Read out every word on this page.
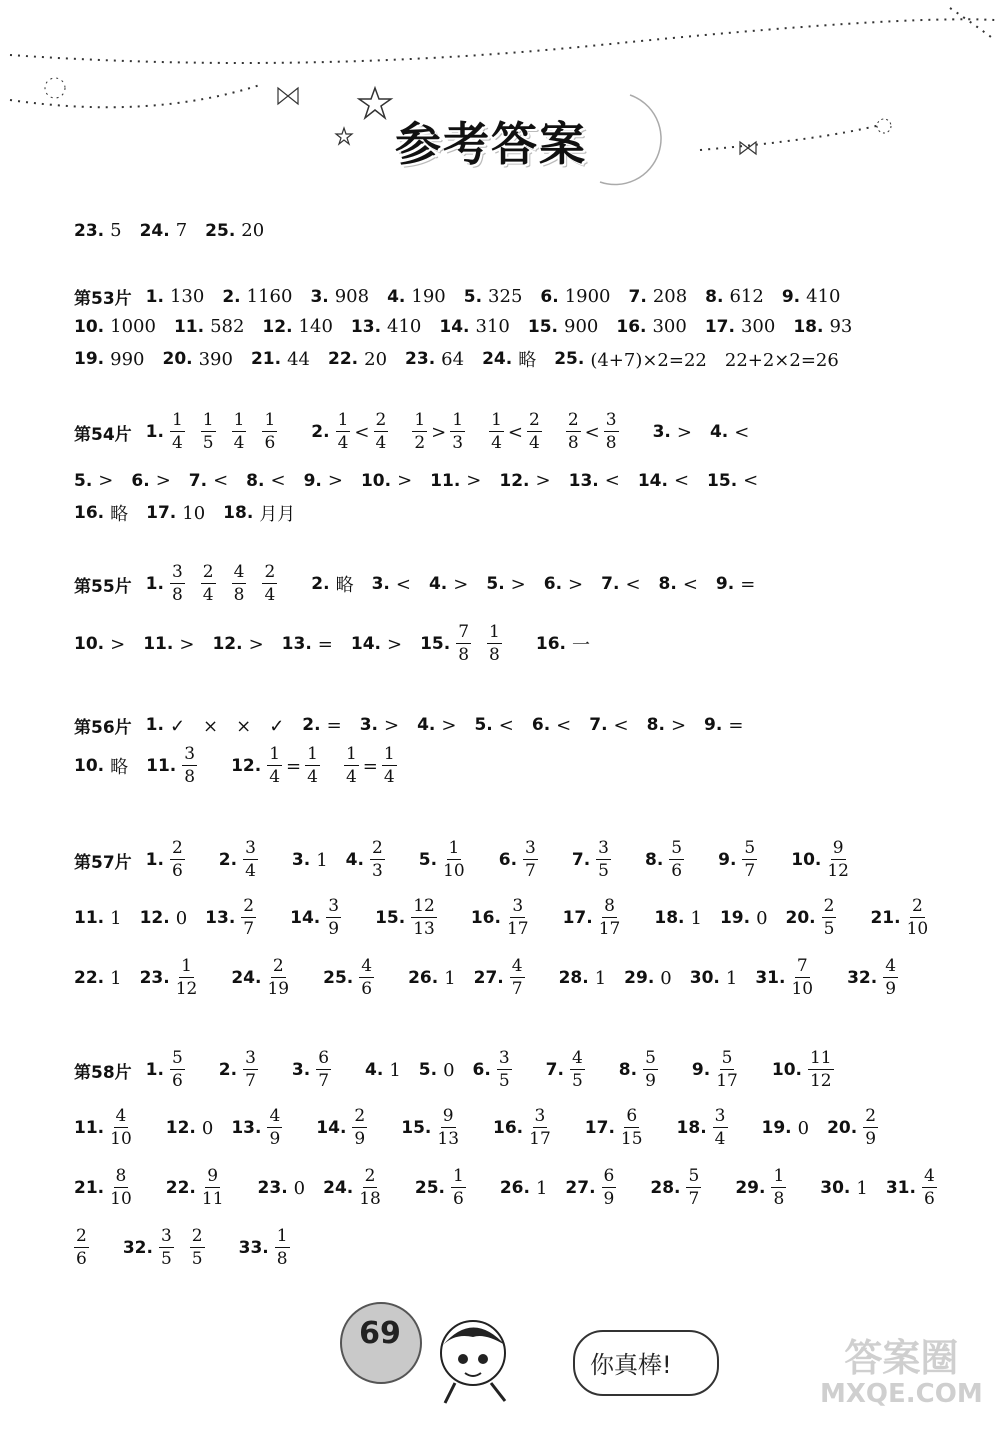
参考答案
23. 5 24. 7 25. 20
第53片 1. 130 2. 1160 3. 908 4. 190 5. 325 6. 1900 7. 208 8. 612 9. 410
10. 1000 11. 582 12. 140 13. 410 14. 310 15. 900 16. 300 17. 300 18. 93
19. 990 20. 390 21. 44 22. 20 23. 64 24. 略 25. (4+7)×2=22　22+2×2=26
第54片 1. $\frac{1}{4} \frac{1}{5} \frac{1}{4} \frac{1}{6} 2$. $\frac{1}{4} < \frac{2}{4} \frac{1}{2} > \frac{1}{3} \frac{1}{4} < \frac{2}{4} \frac{2}{8} < \frac{3}{8} 3$. > 4. <
5. > 6. > 7. < 8. < 9. > 10. > 11. > 12. > 13. < 14. < 15. <
16. 略 17. 10 18. 月月
第55片 1. $\frac{3}{8} \frac{2}{4} \frac{4}{8} \frac{2}{4} 2$. 略 3. < 4. > 5. > 6. > 7. < 8. < 9. =
10. > 11. > 12. > 13. = 14. > 15. $\frac{7}{8} \frac{1}{8} 16$. 一
第56片 1. ✓　×　×　✓ 2. = 3. > 4. > 5. < 6. < 7. < 8. > 9. =
10. 略 11. $\frac{3}{8} 12$. $\frac{1}{4} = \frac{1}{4} \frac{1}{4} = \frac{1}{4}$
第57片 1. $\frac{2}{6} 2$. $\frac{3}{4} 3$. 1 4. $\frac{2}{3} 5$. $\frac{1}{10} 6$. $\frac{3}{7} 7$. $\frac{3}{5} 8$. $\frac{5}{6} 9$. $\frac{5}{7} 10$. $\frac{9}{12}$
11. 1 12. 0 13. $\frac{2}{7} 14$. $\frac{3}{9} 15$. $\frac{12}{13} 16$. $\frac{3}{17} 17$. $\frac{8}{17} 18$. 1 19. 0 20. $\frac{2}{5} 21$. $\frac{2}{10}$
22. 1 23. $\frac{1}{12} 24$. $\frac{2}{19} 25$. $\frac{4}{6} 26$. 1 27. $\frac{4}{7} 28$. 1 29. 0 30. 1 31. $\frac{7}{10} 32$. $\frac{4}{9}$
第58片 1. $\frac{5}{6} 2$. $\frac{3}{7} 3$. $\frac{6}{7} 4$. 1 5. 0 6. $\frac{3}{5} 7$. $\frac{4}{5} 8$. $\frac{5}{9} 9$. $\frac{5}{17} 10$. $\frac{11}{12}$
11. $\frac{4}{10} 12$. 0 13. $\frac{4}{9} 14$. $\frac{2}{9} 15$. $\frac{9}{13} 16$. $\frac{3}{17} 17$. $\frac{6}{15} 18$. $\frac{3}{4} 19$. 0 20. $\frac{2}{9}$
21. $\frac{8}{10} 22$. $\frac{9}{11} 23$. 0 24. $\frac{2}{18} 25$. $\frac{1}{6} 26$. 1 27. $\frac{6}{9} 28$. $\frac{5}{7} 29$. $\frac{1}{8} 30$. 1 31. $\frac{4}{6}$
$\frac{2}{6} 32$. $\frac{3}{5} \frac{2}{5} 33$. $\frac{1}{8}$
69
你真棒!	答案圈
MXQE.COM
